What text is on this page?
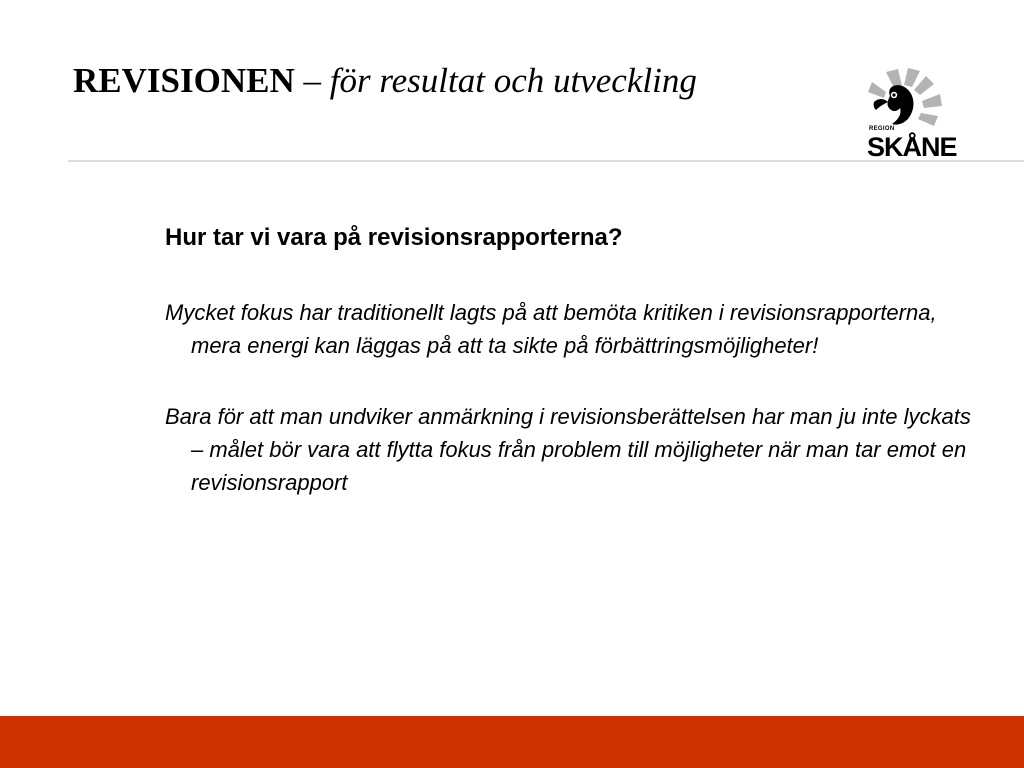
REVISIONEN – för resultat och utveckling
REGION
SKÅNE

Hur tar vi vara på revisionsrapporterna?

Mycket fokus har traditionellt lagts på att bemöta kritiken i revisionsrapporterna, mera energi kan läggas på att ta sikte på förbättringsmöjligheter!

Bara för att man undviker anmärkning i revisionsberättelsen har man ju inte lyckats – målet bör vara att flytta fokus från problem till möjligheter när man tar emot en revisionsrapport
